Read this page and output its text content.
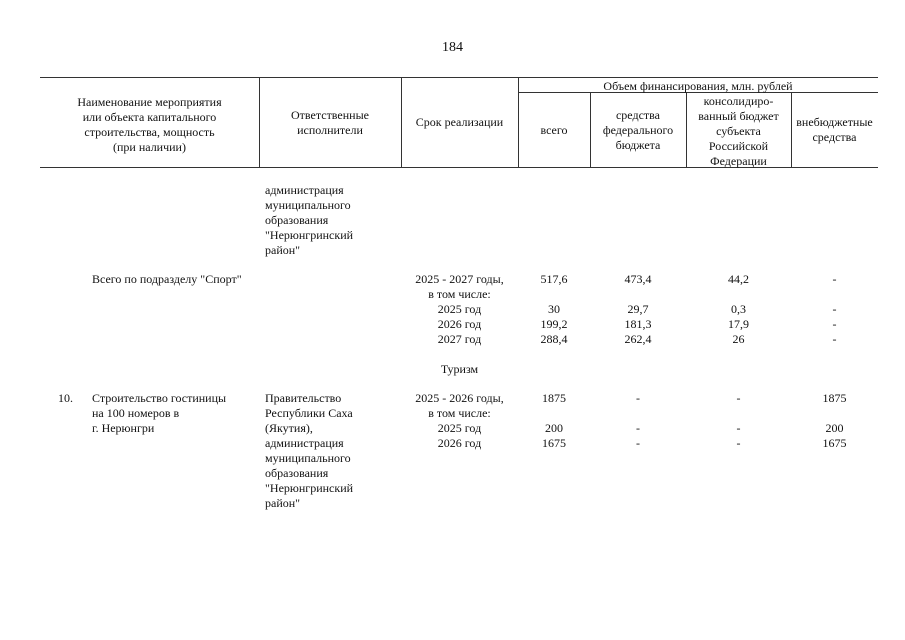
184
Наименование мероприятия
или объекта капитального
строительства, мощность
(при наличии)
Ответственные
исполнители
Срок реализации
Объем финансирования, млн. рублей
всего
средства
федерального
бюджета
консолидиро-
ванный бюджет
субъекта
Российской
Федерации
внебюджетные
средства
администрация
муниципального
образования
"Нерюнгринский
район"
Всего по подразделу "Спорт"	2025 - 2027 годы,
в том числе:
2025 год
2026 год
2027 год
517,6

30
199,2
288,4
473,4

29,7
181,3
262,4
44,2

0,3
17,9
26
-

-
-
-
Туризм
10. Строительство гостиницы
на 100 номеров в
г. Нерюнгри
Правительство
Республики Саха
(Якутия),
администрация
муниципального
образования
"Нерюнгринский
район"
2025 - 2026 годы,
в том числе:
2025 год
2026 год
1875

200
1675
-

-
-
-

-
-
1875

200
1675
